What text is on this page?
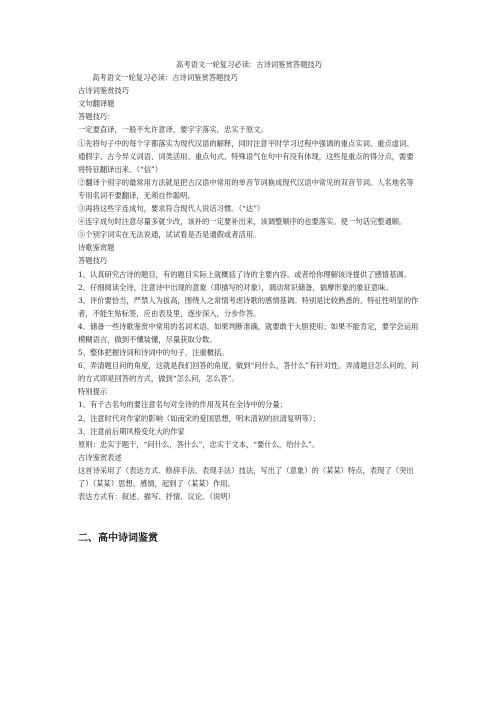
高考语文一轮复习必读：古诗词鉴赏答题技巧

高考语文一轮复习必读：古诗词鉴赏答题技巧

古诗词鉴赏技巧

文句翻译题

答题技巧：

一定要直译，一般不允许意译，要字字落实，忠实于原文。

①先将句子中的每个字都落实为现代汉语的解释，同时注意平时学习过程中强调的重点实词、重点虚词、通假字、古今异义词语、词类活用、重点句式、特殊语气在句中有没有体现，这些是重点的得分点，需要将特征翻译出来。（“信”）

②翻译个别字的最常用方法就是把古汉语中常用的单音节词换成现代汉语中常见的双音节词。人名地名等专用名词不要翻译，无须自作聪明。

③再将这些字连成句，要求符合现代人说话习惯。（“达”）

④连字成句时注意尽量多就少改，该补的一定要补出来，该调整顺序的也要落实。使一句话完整通顺。

⑤个别字词实在无法说通，试试看是否是通假或者活用。

诗歌鉴赏题

答题技巧

1、认真研究古诗的题目，有的题目实际上就概括了诗的主要内容。或者给你理解该诗提供了感情基调。

2、仔细阅读全诗，注意诗中出现的意象（即描写的对象），调动常识储备，揣摩形象的象征意味。

3、评价要恰当，严禁人为拔高，围绕人之常情考虑诗歌的感情基调。特别是比较熟悉的、特征性明显的作者，不能生贴标签，应由表及里，逐步深入，分步作答。

4、储备一些诗歌鉴赏中常用的名词术语，如果判断准确，就要敢于大胆使用；如果不能肯定，要学会运用模糊语言，做到不懂装懂，尽量获取分数。

5、整体把握诗词和诗词中的句子，注重概括。

6、弄清题目问的角度，这就是我们回答的角度，做到“问什么，答什么”有针对性。弄清题目怎么问的，问的方式即是回答的方式，做到“怎么问，怎么答”。

特别提示

1、有千古名句的要注意名句对全诗的作用及其在全诗中的分量；

2、注意时代对作家的影响（如南宋的爱国思想，明末清初的抗清复明等）；

3、注意前后期风格变化大的作家

原则：忠实于题干，“问什么，答什么”，忠实于文本，“要什么，给什么”。

古诗鉴赏表述

这首诗采用了（表达方式、修辞手法、表现手法）技法，写出了（意象）的（某某）特点，表现了（突出了）（某某）思想、感情，起到了（某某）作用。

表达方式有：叙述、描写、抒情、议论。（说明）

二、高中诗词鉴赏
